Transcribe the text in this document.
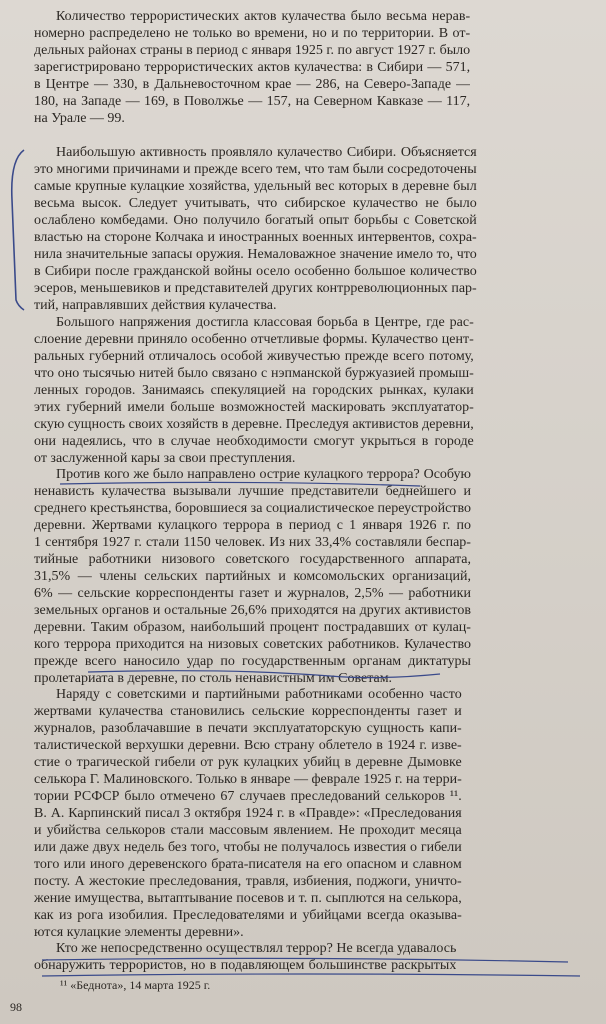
Количество террористических актов кулачества было весьма нерав-
номерно распределено не только во времени, но и по территории. В от-
дельных районах страны в период с января 1925 г. по август 1927 г. было
зарегистрировано террористических актов кулачества: в Сибири — 571,
в Центре — 330, в Дальневосточном крае — 286, на Северо-Западе —
180, на Западе — 169, в Поволжье — 157, на Северном Кавказе — 117,
на Урале — 99.
Наибольшую активность проявляло кулачество Сибири. Объясняется
это многими причинами и прежде всего тем, что там были сосредоточены
самые крупные кулацкие хозяйства, удельный вес которых в деревне был
весьма высок. Следует учитывать, что сибирское кулачество не было
ослаблено комбедами. Оно получило богатый опыт борьбы с Советской
властью на стороне Колчака и иностранных военных интервентов, сохра-
нила значительные запасы оружия. Немаловажное значение имело то, что
в Сибири после гражданской войны осело особенно большое количество
эсеров, меньшевиков и представителей других контрреволюционных пар-
тий, направлявших действия кулачества.
Большого напряжения достигла классовая борьба в Центре, где рас-
слоение деревни приняло особенно отчетливые формы. Кулачество цент-
ральных губерний отличалось особой живучестью прежде всего потому,
что оно тысячью нитей было связано с нэпманской буржуазией промыш-
ленных городов. Занимаясь спекуляцией на городских рынках, кулаки
этих губерний имели больше возможностей маскировать эксплуататор-
скую сущность своих хозяйств в деревне. Преследуя активистов деревни,
они надеялись, что в случае необходимости смогут укрыться в городе
от заслуженной кары за свои преступления.
Против кого же было направлено острие кулацкого террора? Особую
ненависть кулачества вызывали лучшие представители беднейшего и
среднего крестьянства, боровшиеся за социалистическое переустройство
деревни. Жертвами кулацкого террора в период с 1 января 1926 г. по
1 сентября 1927 г. стали 1150 человек. Из них 33,4% составляли беспар-
тийные работники низового советского государственного аппарата,
31,5% — члены сельских партийных и комсомольских организаций,
6% — сельские корреспонденты газет и журналов, 2,5% — работники
земельных органов и остальные 26,6% приходятся на других активистов
деревни. Таким образом, наибольший процент пострадавших от кулац-
кого террора приходится на низовых советских работников. Кулачество
прежде всего наносило удар по государственным органам диктатуры
пролетариата в деревне, по столь ненавистным им Советам.
Наряду с советскими и партийными работниками особенно часто
жертвами кулачества становились сельские корреспонденты газет и
журналов, разоблачавшие в печати эксплуататорскую сущность капи-
талистической верхушки деревни. Всю страну облетело в 1924 г. изве-
стие о трагической гибели от рук кулацких убийц в деревне Дымовке
селькора Г. Малиновского. Только в январе — феврале 1925 г. на терри-
тории РСФСР было отмечено 67 случаев преследований селькоров ¹¹.
В. А. Карпинский писал 3 октября 1924 г. в «Правде»: «Преследования
и убийства селькоров стали массовым явлением. Не проходит месяца
или даже двух недель без того, чтобы не получалось известия о гибели
того или иного деревенского брата-писателя на его опасном и славном
посту. А жестокие преследования, травля, избиения, поджоги, уничто-
жение имущества, вытаптывание посевов и т. п. сыплются на селькора,
как из рога изобилия. Преследователями и убийцами всегда оказыва-
ются кулацкие элементы деревни».
Кто же непосредственно осуществлял террор? Не всегда удавалось
обнаружить террористов, но в подавляющем большинстве раскрытых
¹¹ «Беднота», 14 марта 1925 г.
98
